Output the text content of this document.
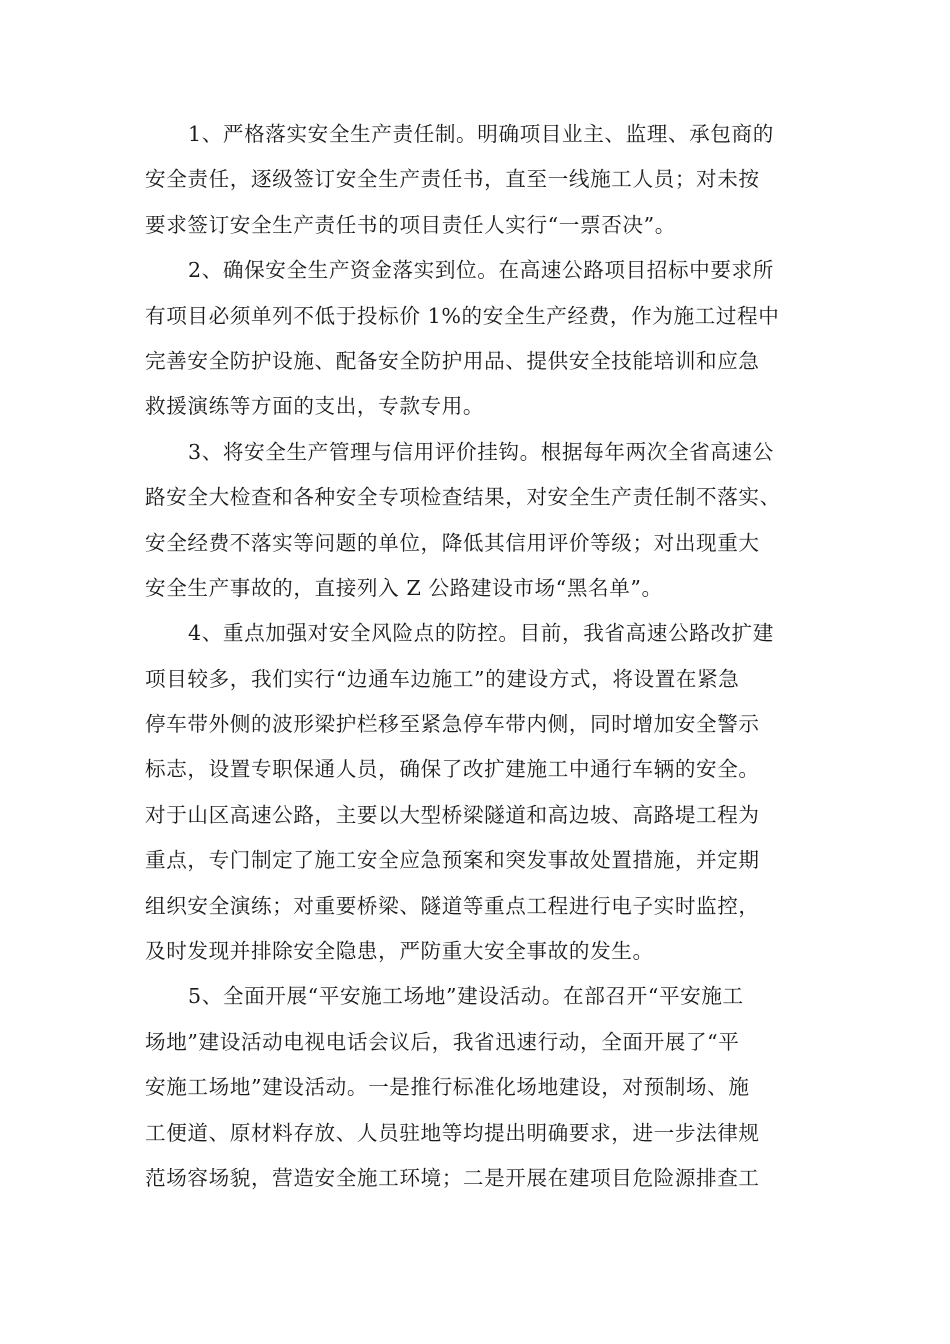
1、严格落实安全生产责任制。明确项目业主、监理、承包商的
安全责任，逐级签订安全生产责任书，直至一线施工人员；对未按
要求签订安全生产责任书的项目责任人实行“一票否决”。
2、确保安全生产资金落实到位。在高速公路项目招标中要求所
有项目必须单列不低于投标价 1%的安全生产经费，作为施工过程中
完善安全防护设施、配备安全防护用品、提供安全技能培训和应急
救援演练等方面的支出，专款专用。
3、将安全生产管理与信用评价挂钩。根据每年两次全省高速公
路安全大检查和各种安全专项检查结果，对安全生产责任制不落实、
安全经费不落实等问题的单位，降低其信用评价等级；对出现重大
安全生产事故的，直接列入 Z 公路建设市场“黑名单”。
4、重点加强对安全风险点的防控。目前，我省高速公路改扩建
项目较多，我们实行“边通车边施工”的建设方式，将设置在紧急
停车带外侧的波形梁护栏移至紧急停车带内侧，同时增加安全警示
标志，设置专职保通人员，确保了改扩建施工中通行车辆的安全。
对于山区高速公路，主要以大型桥梁隧道和高边坡、高路堤工程为
重点，专门制定了施工安全应急预案和突发事故处置措施，并定期
组织安全演练；对重要桥梁、隧道等重点工程进行电子实时监控，
及时发现并排除安全隐患，严防重大安全事故的发生。
5、全面开展“平安施工场地”建设活动。在部召开“平安施工
场地”建设活动电视电话会议后，我省迅速行动，全面开展了“平
安施工场地”建设活动。一是推行标准化场地建设，对预制场、施
工便道、原材料存放、人员驻地等均提出明确要求，进一步法律规
范场容场貌，营造安全施工环境；二是开展在建项目危险源排查工
